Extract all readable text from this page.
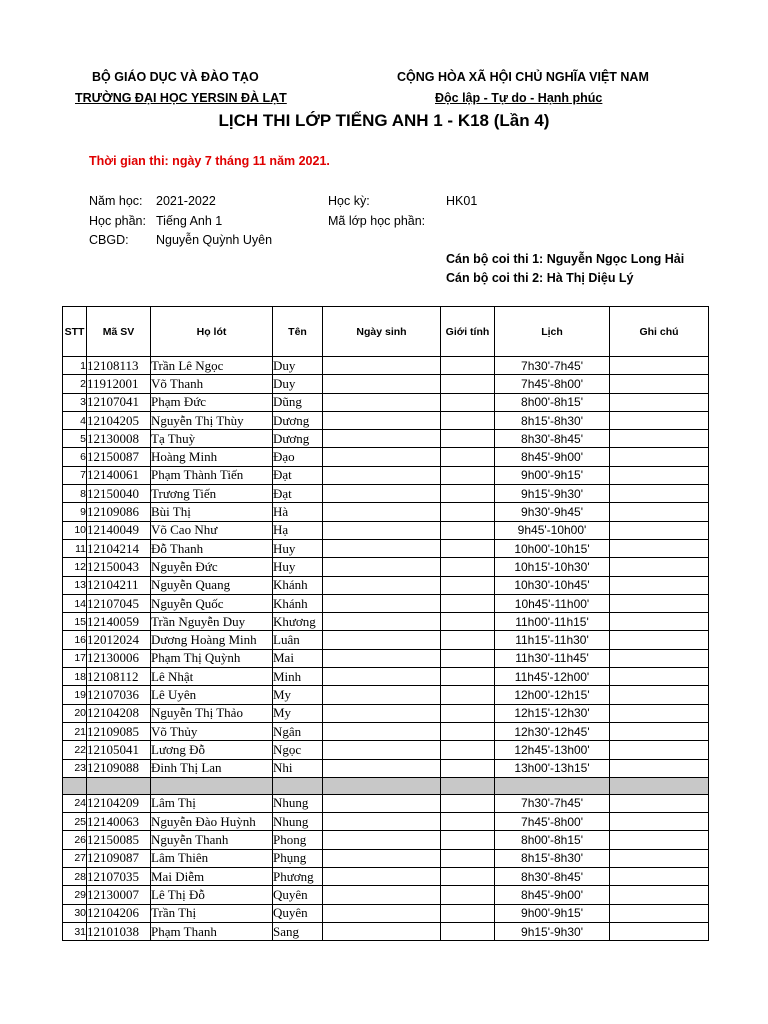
BỘ GIÁO DỤC VÀ ĐÀO TẠO
TRƯỜNG ĐẠI HỌC YERSIN ĐÀ LẠT
CỘNG HÒA XÃ HỘI CHỦ NGHĨA VIỆT NAM
Độc lập - Tự do - Hạnh phúc
LỊCH THI LỚP TIẾNG ANH 1 - K18 (Lần 4)
Thời gian thi: ngày 7 tháng 11 năm 2021.
Năm học: 2021-2022	Học kỳ:	HK01
Học phần: Tiếng Anh 1	Mã lớp học phần:
CBGD: Nguyễn Quỳnh Uyên
Cán bộ coi thi 1: Nguyễn Ngọc Long Hải
Cán bộ coi thi 2: Hà Thị Diệu Lý
STT	Mã SV	Họ lót	Tên	Ngày sinh	Giới tính	Lịch	Ghi chú
1	12108113	Trần Lê Ngọc	Duy			7h30'-7h45'	
2	11912001	Võ Thanh	Duy			7h45'-8h00'	
3	12107041	Phạm Đức	Dũng			8h00'-8h15'	
4	12104205	Nguyễn Thị Thùy	Dương			8h15'-8h30'	
5	12130008	Tạ Thuỳ	Dương			8h30'-8h45'	
6	12150087	Hoàng Minh	Đạo			8h45'-9h00'	
7	12140061	Phạm Thành Tiến	Đạt			9h00'-9h15'	
8	12150040	Trương Tiến	Đạt			9h15'-9h30'	
9	12109086	Bùi Thị	Hà			9h30'-9h45'	
10	12140049	Võ Cao Như	Hạ			9h45'-10h00'	
11	12104214	Đỗ Thanh	Huy			10h00'-10h15'	
12	12150043	Nguyễn Đức	Huy			10h15'-10h30'	
13	12104211	Nguyễn Quang	Khánh			10h30'-10h45'	
14	12107045	Nguyễn Quốc	Khánh			10h45'-11h00'	
15	12140059	Trần Nguyễn Duy	Khương			11h00'-11h15'	
16	12012024	Dương Hoàng Minh	Luân			11h15'-11h30'	
17	12130006	Phạm Thị Quỳnh	Mai			11h30'-11h45'	
18	12108112	Lê Nhật	Minh			11h45'-12h00'	
19	12107036	Lê Uyên	My			12h00'-12h15'	
20	12104208	Nguyễn Thị Thảo	My			12h15'-12h30'	
21	12109085	Võ Thủy	Ngân			12h30'-12h45'	
22	12105041	Lương Đỗ	Ngọc			12h45'-13h00'	
23	12109088	Đinh Thị Lan	Nhi			13h00'-13h15'	

24	12104209	Lâm Thị	Nhung			7h30'-7h45'	
25	12140063	Nguyễn Đào Huỳnh	Nhung			7h45'-8h00'	
26	12150085	Nguyễn Thanh	Phong			8h00'-8h15'	
27	12109087	Lâm Thiên	Phụng			8h15'-8h30'	
28	12107035	Mai Diễm	Phương			8h30'-8h45'	
29	12130007	Lê Thị Đỗ	Quyên			8h45'-9h00'	
30	12104206	Trần Thị	Quyên			9h00'-9h15'	
31	12101038	Phạm Thanh	Sang			9h15'-9h30'	
